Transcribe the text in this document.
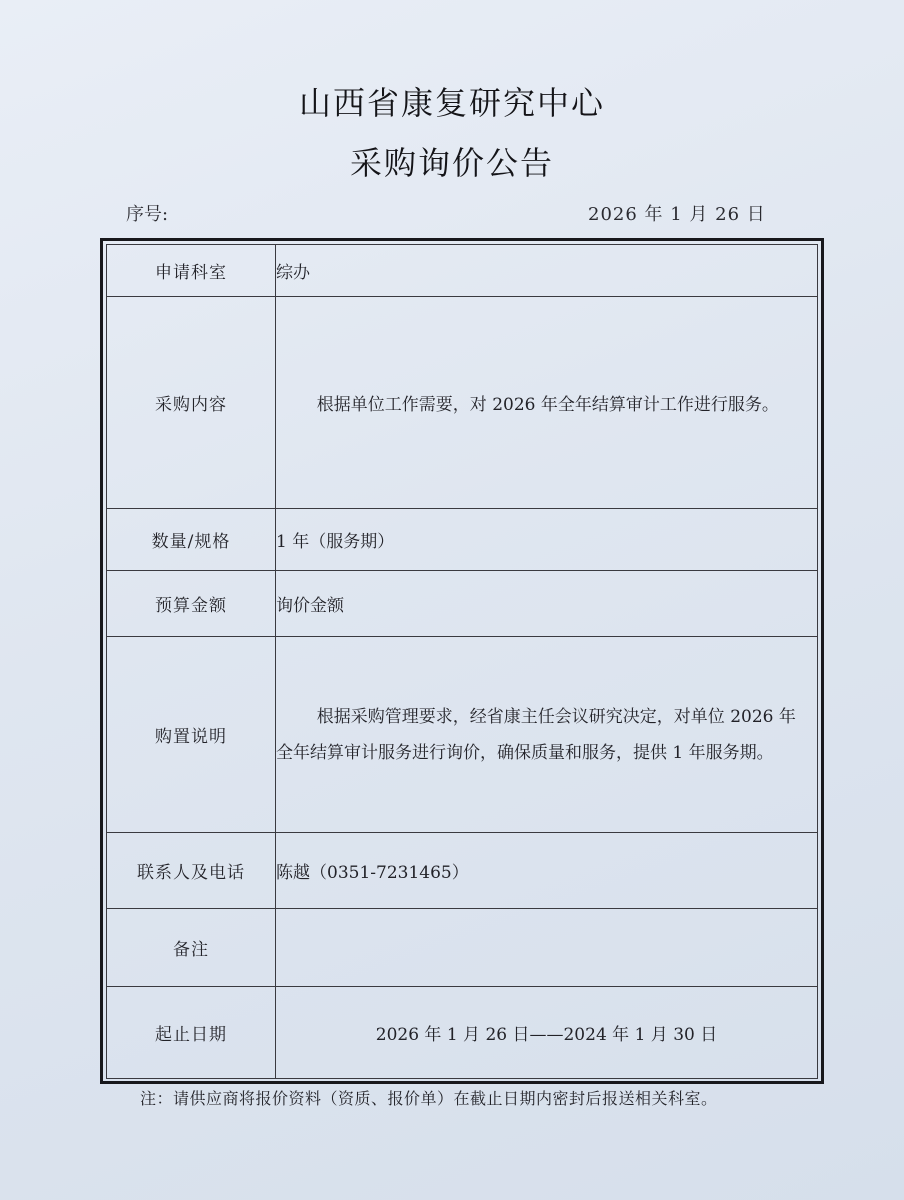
山西省康复研究中心
采购询价公告
序号:	2026 年 1 月 26 日
申请科室	综办
采购内容	根据单位工作需要，对 2026 年全年结算审计工作进行服务。

数量/规格	1 年（服务期）
预算金额	询价金额
购置说明	根据采购管理要求，经省康主任会议研究决定，对单位 2026 年全年结算审计服务进行询价，确保质量和服务，提供 1 年服务期。

联系人及电话	陈越（0351-7231465）
备注	
起止日期	2026 年 1 月 26 日——2024 年 1 月 30 日
注：请供应商将报价资料（资质、报价单）在截止日期内密封后报送相关科室。
